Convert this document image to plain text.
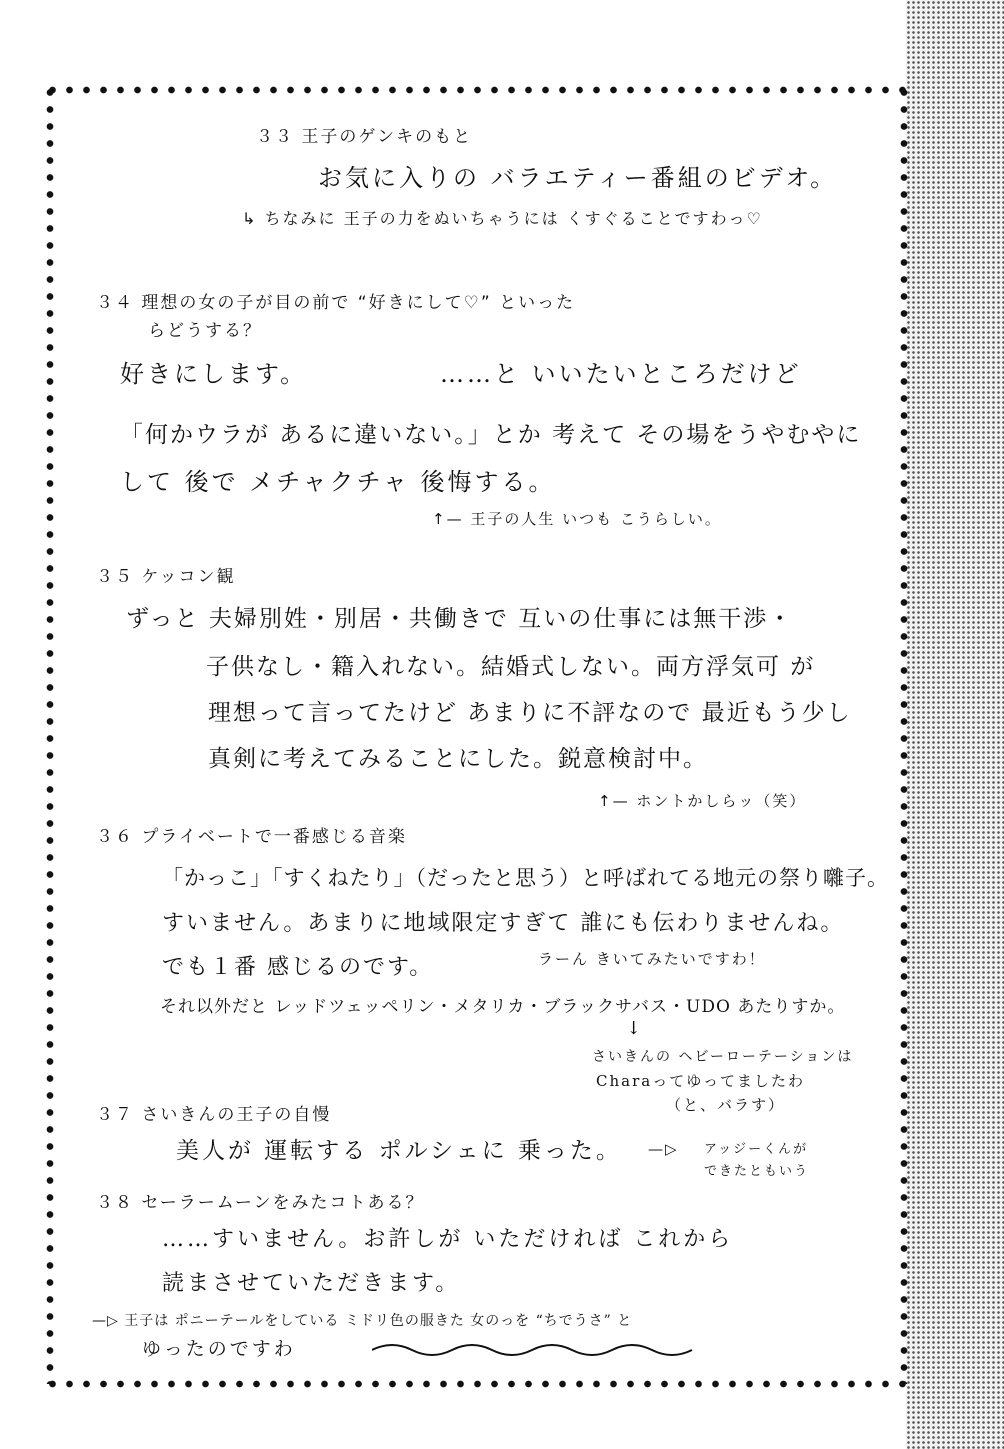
３３ 王子のゲンキのもと
お気に入りの バラエティー番組のビデオ。
↳ ちなみに 王子の力をぬいちゃうには くすぐることですわっ♡
３４ 理想の女の子が目の前で “好きにして♡” といった
らどうする？
好きにします。	……と いいたいところだけど
「何かウラが あるに違いない。」とか 考えて その場をうやむやに
して 後で メチャクチャ 後悔する。
↑— 王子の人生 いつも こうらしい。
３５ ケッコン観
ずっと 夫婦別姓・別居・共働きで 互いの仕事には無干渉・
子供なし・籍入れない。結婚式しない。両方浮気可 が
理想って言ってたけど あまりに不評なので 最近もう少し
真剣に考えてみることにした。鋭意検討中。
↑— ホントかしらッ（笑）
３６ プライベートで一番感じる音楽
「かっこ」「すくねたり」（だったと思う）と呼ばれてる地元の祭り囃子。
すいません。あまりに地域限定すぎて 誰にも伝わりませんね。
でも１番 感じるのです。	ラーん きいてみたいですわ！
それ以外だと レッドツェッペリン・メタリカ・ブラックサバス・UDO あたりすか。
↓
さいきんの ヘビーローテーションは
Charaってゆってましたわ
（と、バラす）
３７ さいきんの王子の自慢
美人が 運転する ポルシェに 乗った。 —▷ アッジーくんが
できたともいう
３８ セーラームーンをみたコトある？
……すいません。お許しが いただければ これから
読まさせていただきます。
—▷ 王子は ポニーテールをしている ミドリ色の服きた 女のっを “ちでうさ” と
ゆったのですわ
